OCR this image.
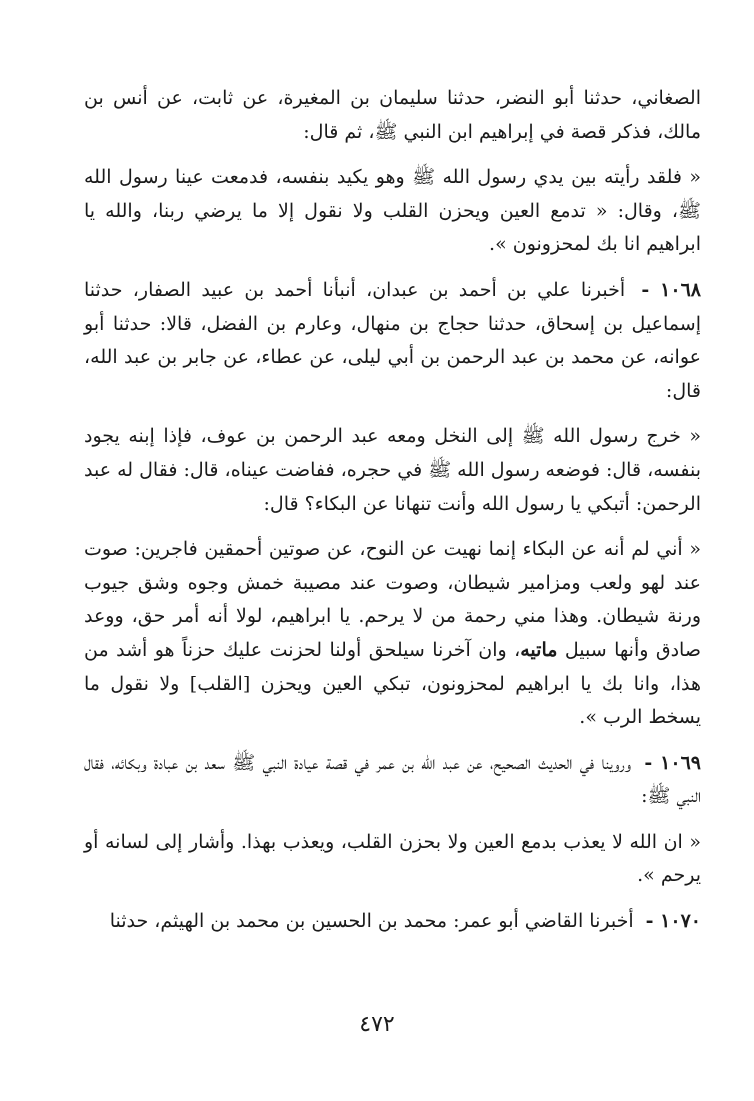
الصغاني، حدثنا أبو النضر، حدثنا سليمان بن المغيرة، عن ثابت، عن أنس بن مالك، فذكر قصة في إبراهيم ابن النبي ﷺ، ثم قال:

« فلقد رأيته بين يدي رسول الله ﷺ وهو يكيد بنفسه، فدمعت عينا رسول الله ﷺ، وقال: « تدمع العين ويحزن القلب ولا نقول إلا ما يرضي ربنا، والله يا ابراهيم انا بك لمحزونون ».

١٠٦٨ - أخبرنا علي بن أحمد بن عبدان، أنبأنا أحمد بن عبيد الصفار، حدثنا إسماعيل بن إسحاق، حدثنا حجاج بن منهال، وعارم بن الفضل، قالا: حدثنا أبو عوانه، عن محمد بن عبد الرحمن بن أبي ليلى، عن عطاء، عن جابر بن عبد الله، قال:

« خرج رسول الله ﷺ إلى النخل ومعه عبد الرحمن بن عوف، فإذا إبنه يجود بنفسه، قال: فوضعه رسول الله ﷺ في حجره، ففاضت عيناه، قال: فقال له عبد الرحمن: أتبكي يا رسول الله وأنت تنهانا عن البكاء؟ قال:

« أني لم أنه عن البكاء إنما نهيت عن النوح، عن صوتين أحمقين فاجرين: صوت عند لهو ولعب ومزامير شيطان، وصوت عند مصيبة خمش وجوه وشق جيوب ورنة شيطان. وهذا مني رحمة من لا يرحم. يا ابراهيم، لولا أنه أمر حق، ووعد صادق وأنها سبيل ماتيه، وان آخرنا سيلحق أولنا لحزنت عليك حزناً هو أشد من هذا، وانا بك يا ابراهيم لمحزونون، تبكي العين ويحزن [القلب] ولا نقول ما يسخط الرب ».

١٠٦٩ - وروينا في الحديث الصحيح، عن عبد الله بن عمر في قصة عيادة النبي ﷺ سعد بن عبادة وبكائه، فقال النبي ﷺ:

« ان الله لا يعذب بدمع العين ولا بحزن القلب، ويعذب بهذا. وأشار إلى لسانه أو يرحم ».

١٠٧٠ - أخبرنا القاضي أبو عمر: محمد بن الحسين بن محمد بن الهيثم، حدثنا

٤٧٢
